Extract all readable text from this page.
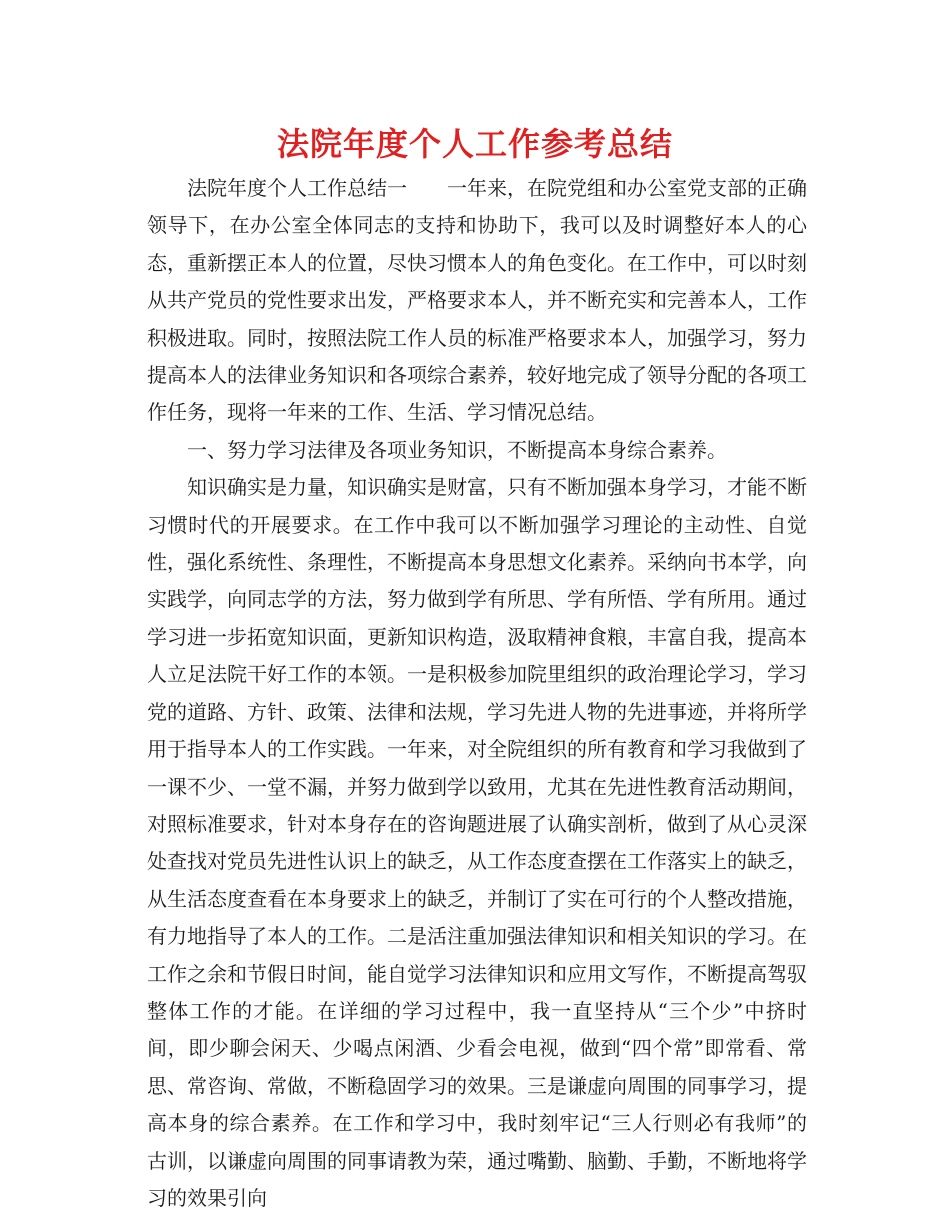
法院年度个人工作参考总结

法院年度个人工作总结一 一年来，在院党组和办公室党支部的正确领导下，在办公室全体同志的支持和协助下，我可以及时调整好本人的心态，重新摆正本人的位置，尽快习惯本人的角色变化。在工作中，可以时刻从共产党员的党性要求出发，严格要求本人，并不断充实和完善本人，工作积极进取。同时，按照法院工作人员的标准严格要求本人，加强学习，努力提高本人的法律业务知识和各项综合素养，较好地完成了领导分配的各项工作任务，现将一年来的工作、生活、学习情况总结。

一、努力学习法律及各项业务知识，不断提高本身综合素养。

知识确实是力量，知识确实是财富，只有不断加强本身学习，才能不断习惯时代的开展要求。在工作中我可以不断加强学习理论的主动性、自觉性，强化系统性、条理性，不断提高本身思想文化素养。采纳向书本学，向实践学，向同志学的方法，努力做到学有所思、学有所悟、学有所用。通过学习进一步拓宽知识面，更新知识构造，汲取精神食粮，丰富自我，提高本人立足法院干好工作的本领。一是积极参加院里组织的政治理论学习，学习党的道路、方针、政策、法律和法规，学习先进人物的先进事迹，并将所学用于指导本人的工作实践。一年来，对全院组织的所有教育和学习我做到了一课不少、一堂不漏，并努力做到学以致用，尤其在先进性教育活动期间，对照标准要求，针对本身存在的咨询题进展了认确实剖析，做到了从心灵深处查找对党员先进性认识上的缺乏，从工作态度查摆在工作落实上的缺乏，从生活态度查看在本身要求上的缺乏，并制订了实在可行的个人整改措施，有力地指导了本人的工作。二是活注重加强法律知识和相关知识的学习。在工作之余和节假日时间，能自觉学习法律知识和应用文写作，不断提高驾驭整体工作的才能。在详细的学习过程中，我一直坚持从“三个少”中挤时间，即少聊会闲天、少喝点闲酒、少看会电视，做到“四个常”即常看、常思、常咨询、常做，不断稳固学习的效果。三是谦虚向周围的同事学习，提高本身的综合素养。在工作和学习中，我时刻牢记“三人行则必有我师”的古训，以谦虚向周围的同事请教为荣，通过嘴勤、脑勤、手勤，不断地将学习的效果引向
